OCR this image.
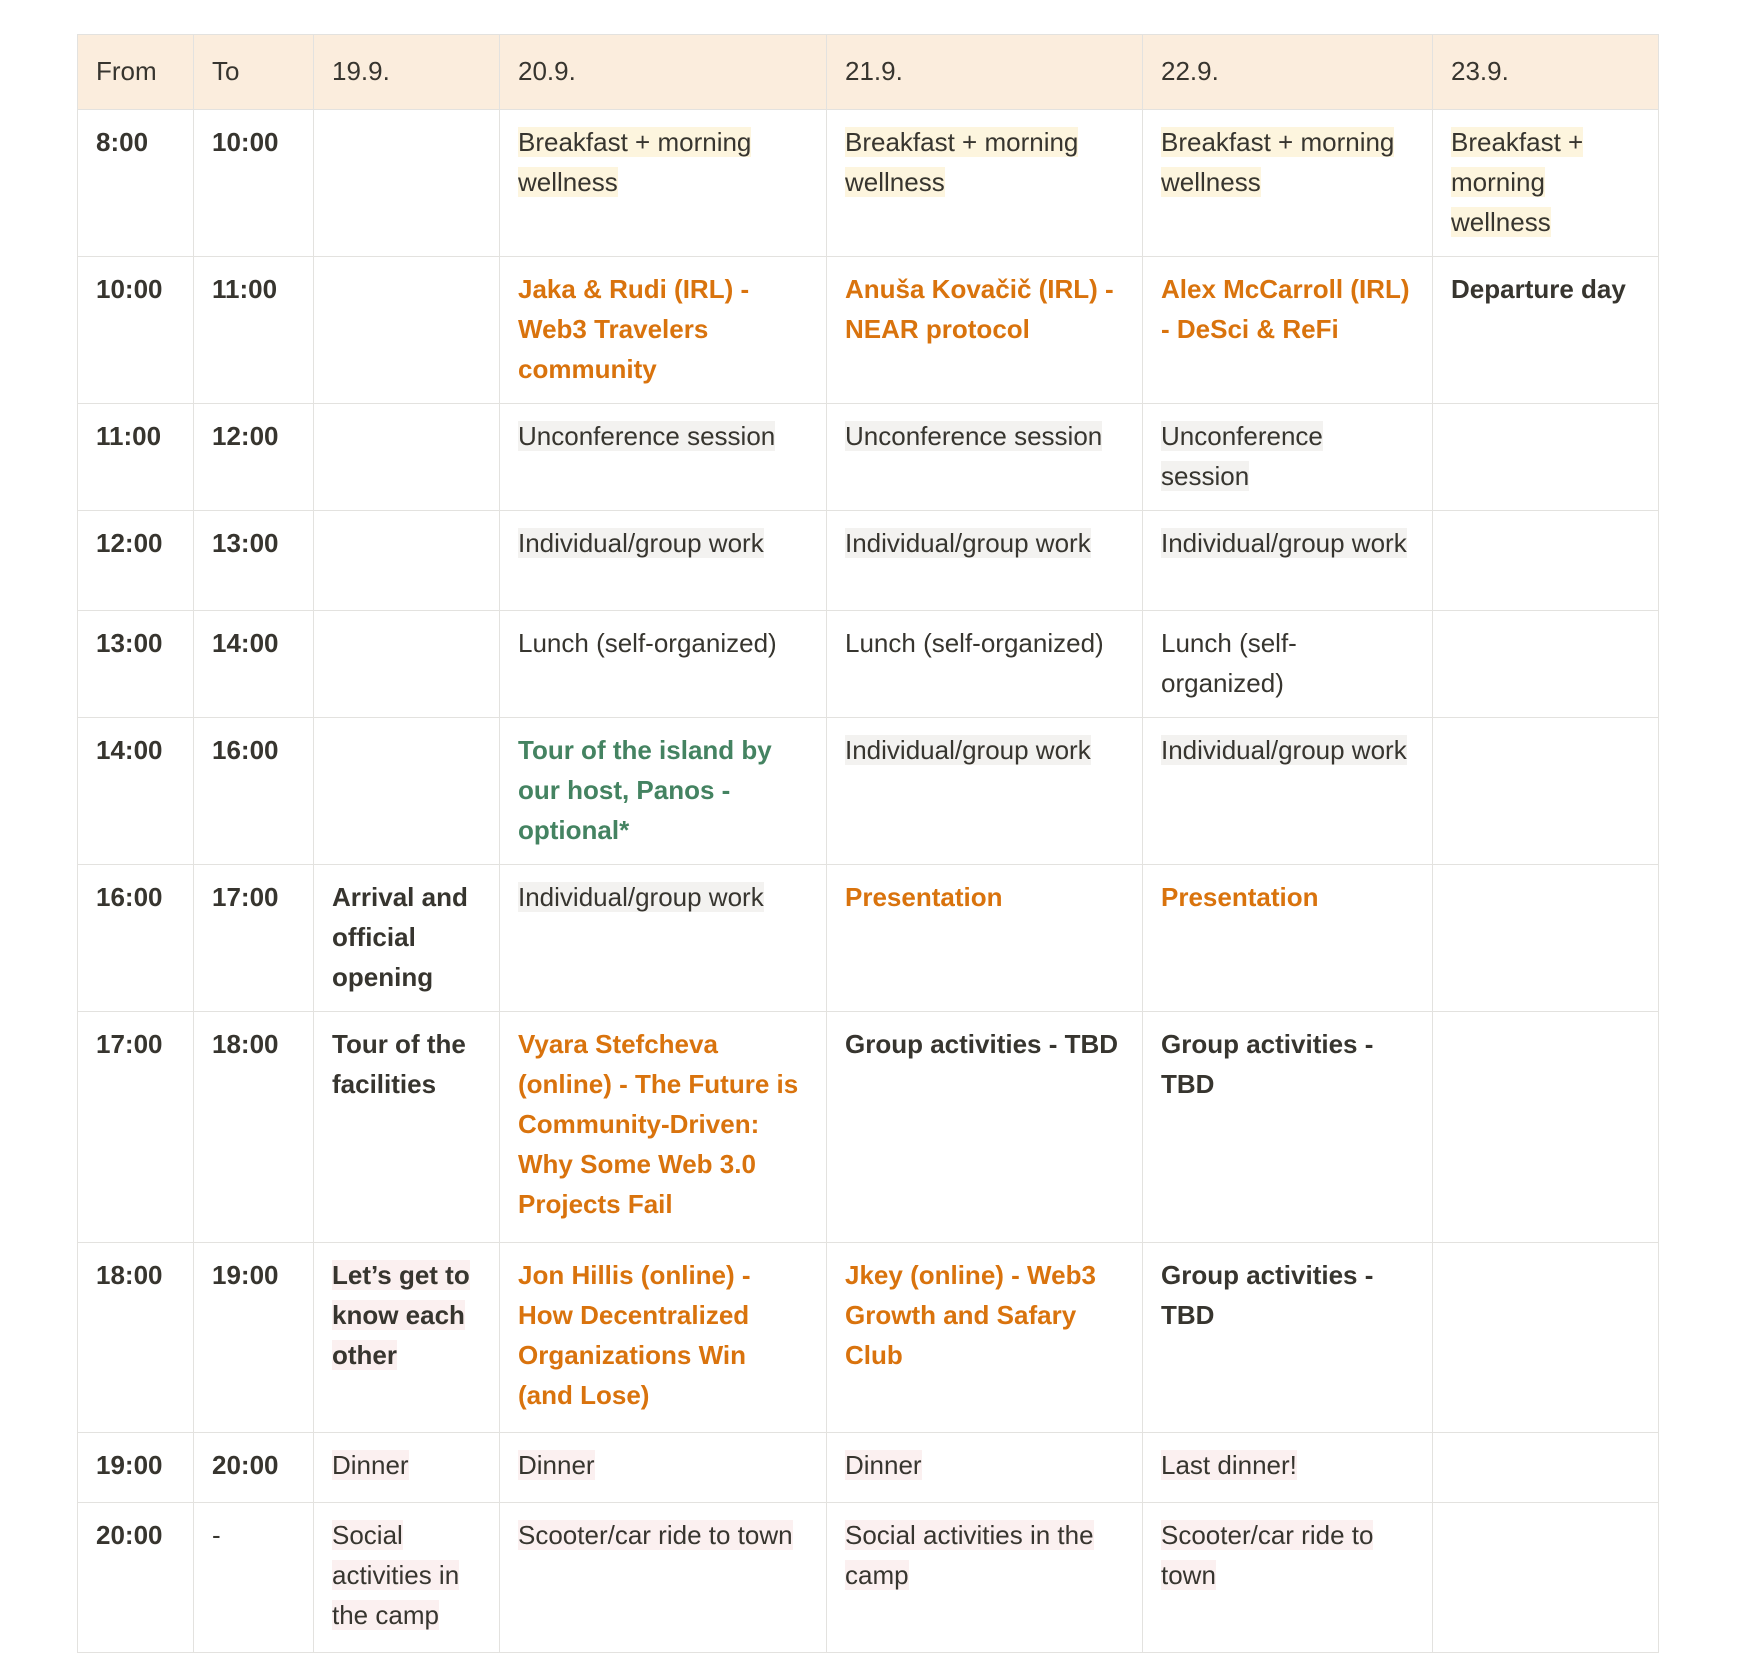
From	To	19.9.	20.9.	21.9.	22.9.	23.9.
8:00	10:00		Breakfast + morning wellness	Breakfast + morning wellness	Breakfast + morning wellness	Breakfast + morning wellness
10:00	11:00		Jaka & Rudi (IRL) - Web3 Travelers community	Anuša Kovačič (IRL) - NEAR protocol	Alex McCarroll (IRL) - DeSci & ReFi	Departure day
11:00	12:00		Unconference session	Unconference session	Unconference session	
12:00	13:00		Individual/group work	Individual/group work	Individual/group work	
13:00	14:00		Lunch (self-organized)	Lunch (self-organized)	Lunch (self-organized)	
14:00	16:00		Tour of the island by our host, Panos - optional*	Individual/group work	Individual/group work	
16:00	17:00	Arrival and official opening	Individual/group work	Presentation	Presentation	
17:00	18:00	Tour of the facilities	Vyara Stefcheva (online) - The Future is Community-Driven: Why Some Web 3.0 Projects Fail	Group activities - TBD	Group activities - TBD	
18:00	19:00	Let’s get to know each other	Jon Hillis (online) - How Decentralized Organizations Win (and Lose)	Jkey (online) - Web3 Growth and Safary Club	Group activities - TBD	
19:00	20:00	Dinner	Dinner	Dinner	Last dinner!	
20:00	-	Social activities in the camp	Scooter/car ride to town	Social activities in the camp	Scooter/car ride to town	
